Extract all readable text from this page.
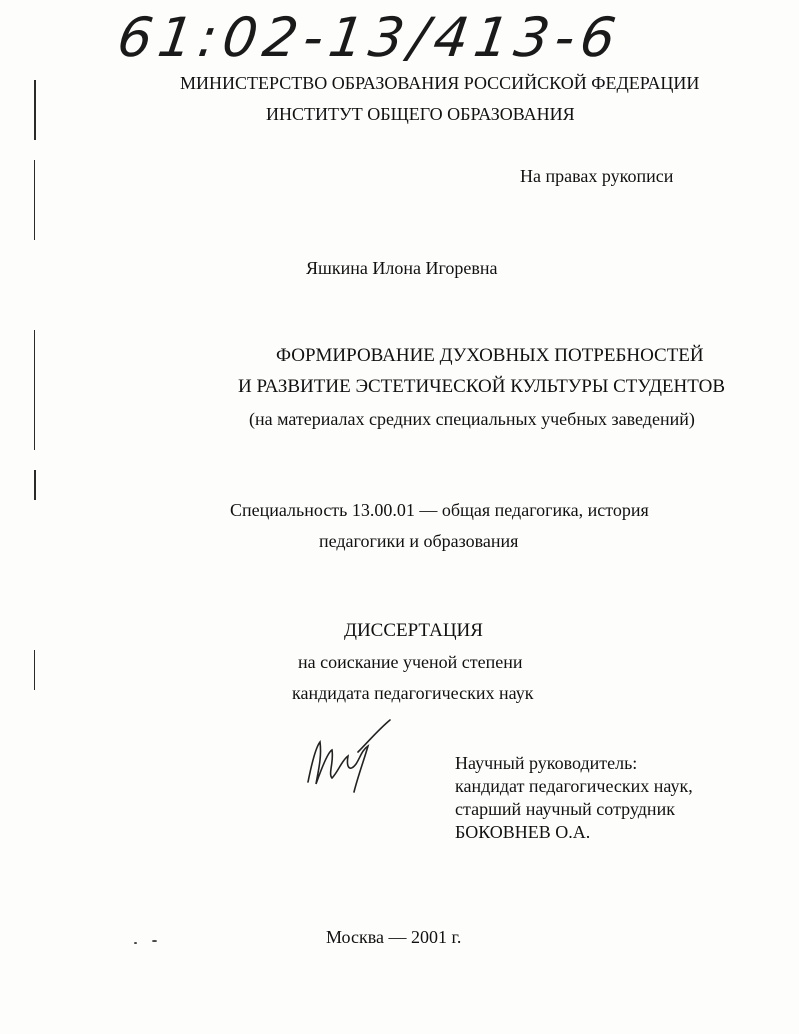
61:02-13/413-6
МИНИСТЕРСТВО ОБРАЗОВАНИЯ РОССИЙСКОЙ ФЕДЕРАЦИИ
ИНСТИТУТ ОБЩЕГО ОБРАЗОВАНИЯ
На правах рукописи
Яшкина Илона Игоревна
ФОРМИРОВАНИЕ ДУХОВНЫХ ПОТРЕБНОСТЕЙ
И РАЗВИТИЕ ЭСТЕТИЧЕСКОЙ КУЛЬТУРЫ СТУДЕНТОВ
(на материалах средних специальных учебных заведений)
Специальность 13.00.01 — общая педагогика, история
педагогики и образования
ДИССЕРТАЦИЯ
на соискание ученой степени
кандидата педагогических наук
Научный руководитель:
кандидат педагогических наук,
старший научный сотрудник
БОКОВНЕВ О.А.
Москва — 2001 г.
